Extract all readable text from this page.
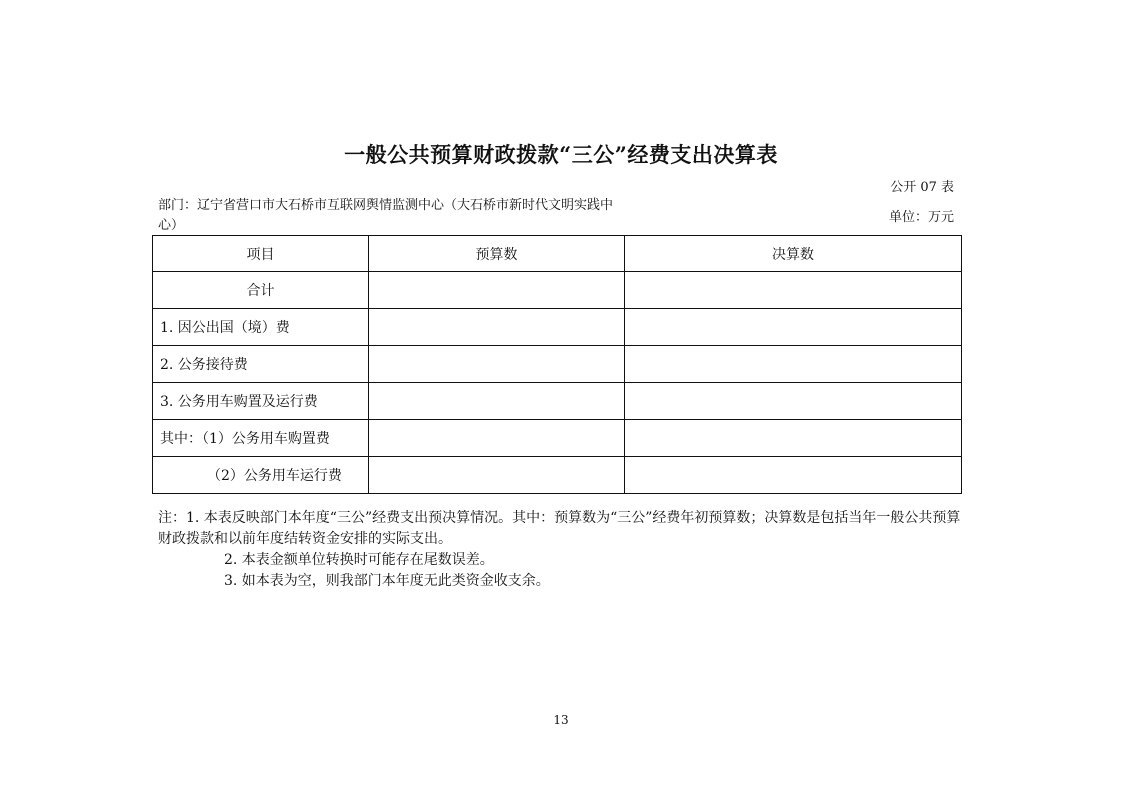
一般公共预算财政拨款“三公”经费支出决算表
公开 07 表
部门：辽宁省营口市大石桥市互联网舆情监测中心（大石桥市新时代文明实践中心）
单位：万元
项目	预算数	决算数
合计		
1. 因公出国（境）费		
2. 公务接待费		
3. 公务用车购置及运行费		
其中：（1）公务用车购置费		
（2）公务用车运行费		
注：1. 本表反映部门本年度“三公”经费支出预决算情况。其中：预算数为“三公”经费年初预算数；决算数是包括当年一般公共预算财政拨款和以前年度结转资金安排的实际支出。
2. 本表金额单位转换时可能存在尾数误差。
3. 如本表为空，则我部门本年度无此类资金收支余。
13
